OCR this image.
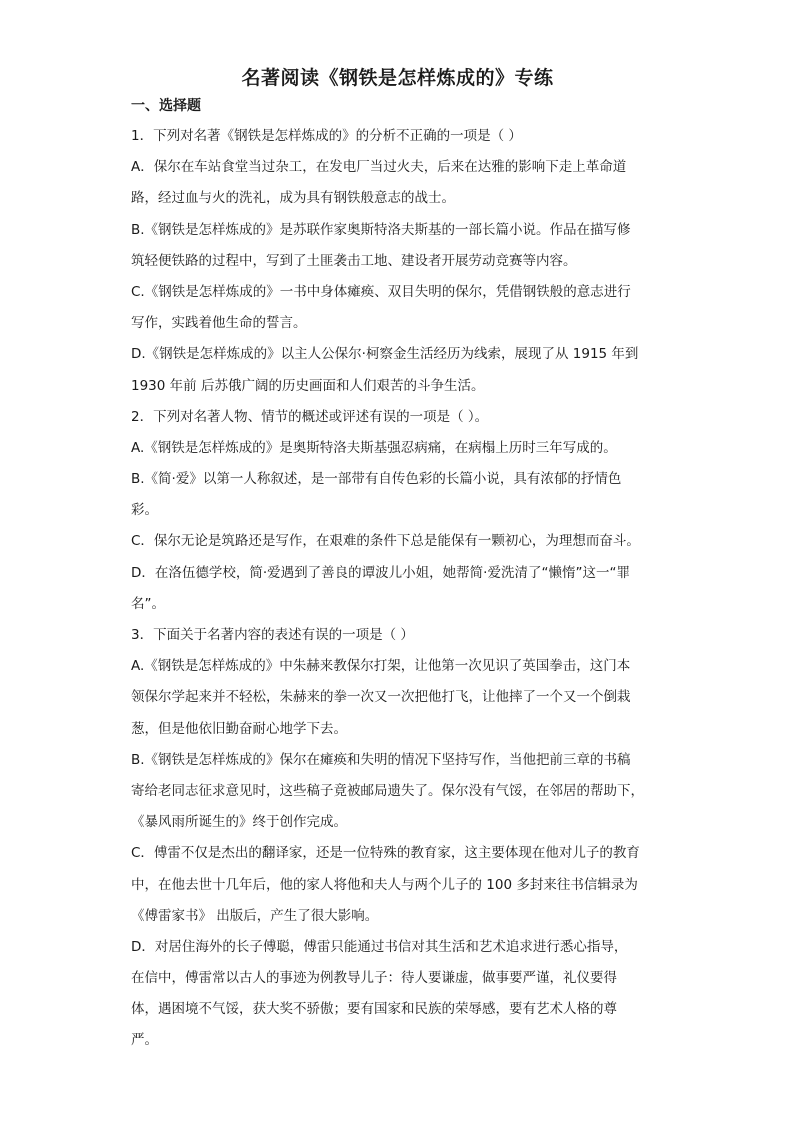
名著阅读《钢铁是怎样炼成的》专练
一、选择题
1．下列对名著《钢铁是怎样炼成的》的分析不正确的一项是（ ）
A．保尔在车站食堂当过杂工，在发电厂当过火夫，后来在达雅的影响下走上革命道
路，经过血与火的洗礼，成为具有钢铁般意志的战士。
B.《钢铁是怎样炼成的》是苏联作家奥斯特洛夫斯基的一部长篇小说。作品在描写修
筑轻便铁路的过程中，写到了土匪袭击工地、建设者开展劳动竞赛等内容。
C.《钢铁是怎样炼成的》一书中身体瘫痪、双目失明的保尔，凭借钢铁般的意志进行
写作，实践着他生命的誓言。
D.《钢铁是怎样炼成的》以主人公保尔·柯察金生活经历为线索，展现了从 1915 年到
1930 年前 后苏俄广阔的历史画面和人们艰苦的斗争生活。
2．下列对名著人物、情节的概述或评述有误的一项是（ ）。
A.《钢铁是怎样炼成的》是奥斯特洛夫斯基强忍病痛，在病榻上历时三年写成的。
B.《简·爱》以第一人称叙述，是一部带有自传色彩的长篇小说，具有浓郁的抒情色
彩。
C．保尔无论是筑路还是写作，在艰难的条件下总是能保有一颗初心，为理想而奋斗。
D．在洛伍德学校，简·爱遇到了善良的谭波儿小姐，她帮简·爱洗清了“懒惰”这一“罪
名”。
3．下面关于名著内容的表述有误的一项是（ ）
A.《钢铁是怎样炼成的》中朱赫来教保尔打架，让他第一次见识了英国拳击，这门本
领保尔学起来并不轻松，朱赫来的拳一次又一次把他打飞，让他摔了一个又一个倒栽
葱，但是他依旧勤奋耐心地学下去。
B.《钢铁是怎样炼成的》保尔在瘫痪和失明的情况下坚持写作，当他把前三章的书稿
寄给老同志征求意见时，这些稿子竟被邮局遗失了。保尔没有气馁，在邻居的帮助下，
《暴风雨所诞生的》终于创作完成。
C．傅雷不仅是杰出的翻译家，还是一位特殊的教育家，这主要体现在他对儿子的教育
中，在他去世十几年后，他的家人将他和夫人与两个儿子的 100 多封来往书信辑录为
《傅雷家书》 出版后，产生了很大影响。
D．对居住海外的长子傅聪，傅雷只能通过书信对其生活和艺术追求进行悉心指导，
在信中，傅雷常以古人的事迹为例教导儿子：待人要谦虚，做事要严谨，礼仪要得
体，遇困境不气馁，获大奖不骄傲；要有国家和民族的荣辱感，要有艺术人格的尊
严。
